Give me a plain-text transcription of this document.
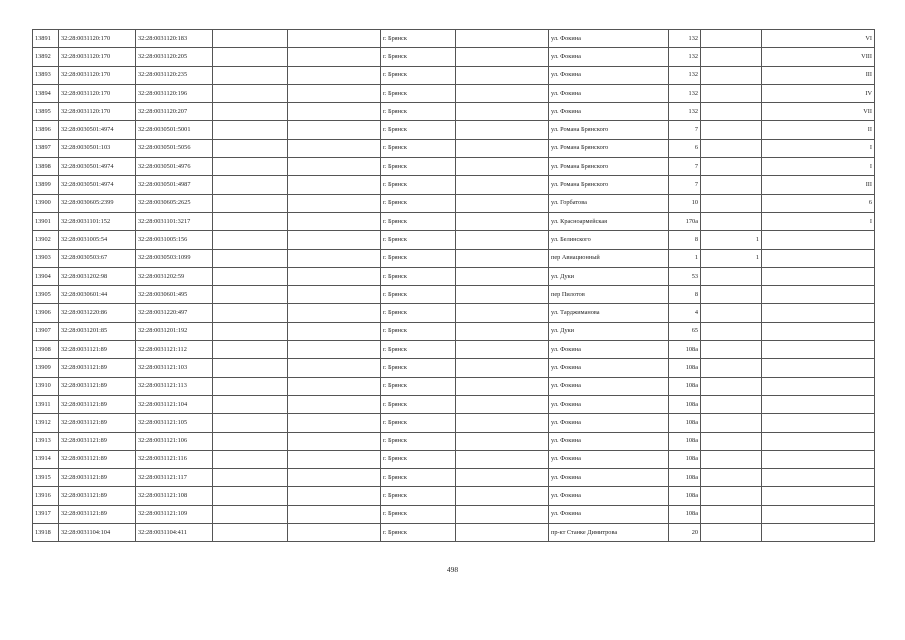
13891	32:28:0031120:170	32:28:0031120:183			г. Брянск		ул. Фокина	132		VI
13892	32:28:0031120:170	32:28:0031120:205			г. Брянск		ул. Фокина	132		VIII
13893	32:28:0031120:170	32:28:0031120:235			г. Брянск		ул. Фокина	132		III
13894	32:28:0031120:170	32:28:0031120:196			г. Брянск		ул. Фокина	132		IV
13895	32:28:0031120:170	32:28:0031120:207			г. Брянск		ул. Фокина	132		VII
13896	32:28:0030501:4974	32:28:0030501:5001			г. Брянск		ул. Романа Брянского	7		II
13897	32:28:0030501:103	32:28:0030501:5056			г. Брянск		ул. Романа Брянского	6		I
13898	32:28:0030501:4974	32:28:0030501:4976			г. Брянск		ул. Романа Брянского	7		I
13899	32:28:0030501:4974	32:28:0030501:4987			г. Брянск		ул. Романа Брянского	7		III
13900	32:28:0030605:2399	32:28:0030605:2625			г. Брянск		ул. Горбатова	10		6
13901	32:28:0031101:152	32:28:0031101:3217			г. Брянск		ул. Красноармейская	170а		I
13902	32:28:0031005:54	32:28:0031005:156			г. Брянск		ул. Белинского	8	1	
13903	32:28:0030503:67	32:28:0030503:1099			г. Брянск		пер Авиационный	1	1	
13904	32:28:0031202:98	32:28:0031202:59			г. Брянск		ул. Дуки	53		
13905	32:28:0030601:44	32:28:0030601:495			г. Брянск		пер Пилотов	8		
13906	32:28:0031220:86	32:28:0031220:497			г. Брянск		ул. Тарджиманова	4		
13907	32:28:0031201:85	32:28:0031201:192			г. Брянск		ул. Дуки	65		
13908	32:28:0031121:89	32:28:0031121:112			г. Брянск		ул. Фокина	108а		
13909	32:28:0031121:89	32:28:0031121:103			г. Брянск		ул. Фокина	108а		
13910	32:28:0031121:89	32:28:0031121:113			г. Брянск		ул. Фокина	108а		
13911	32:28:0031121:89	32:28:0031121:104			г. Брянск		ул. Фокина	108а		
13912	32:28:0031121:89	32:28:0031121:105			г. Брянск		ул. Фокина	108а		
13913	32:28:0031121:89	32:28:0031121:106			г. Брянск		ул. Фокина	108а		
13914	32:28:0031121:89	32:28:0031121:116			г. Брянск		ул. Фокина	108а		
13915	32:28:0031121:89	32:28:0031121:117			г. Брянск		ул. Фокина	108а		
13916	32:28:0031121:89	32:28:0031121:108			г. Брянск		ул. Фокина	108а		
13917	32:28:0031121:89	32:28:0031121:109			г. Брянск		ул. Фокина	108а		
13918	32:28:0031104:104	32:28:0031104:411			г. Брянск		пр-кт Станке Димитрова	20		
498
